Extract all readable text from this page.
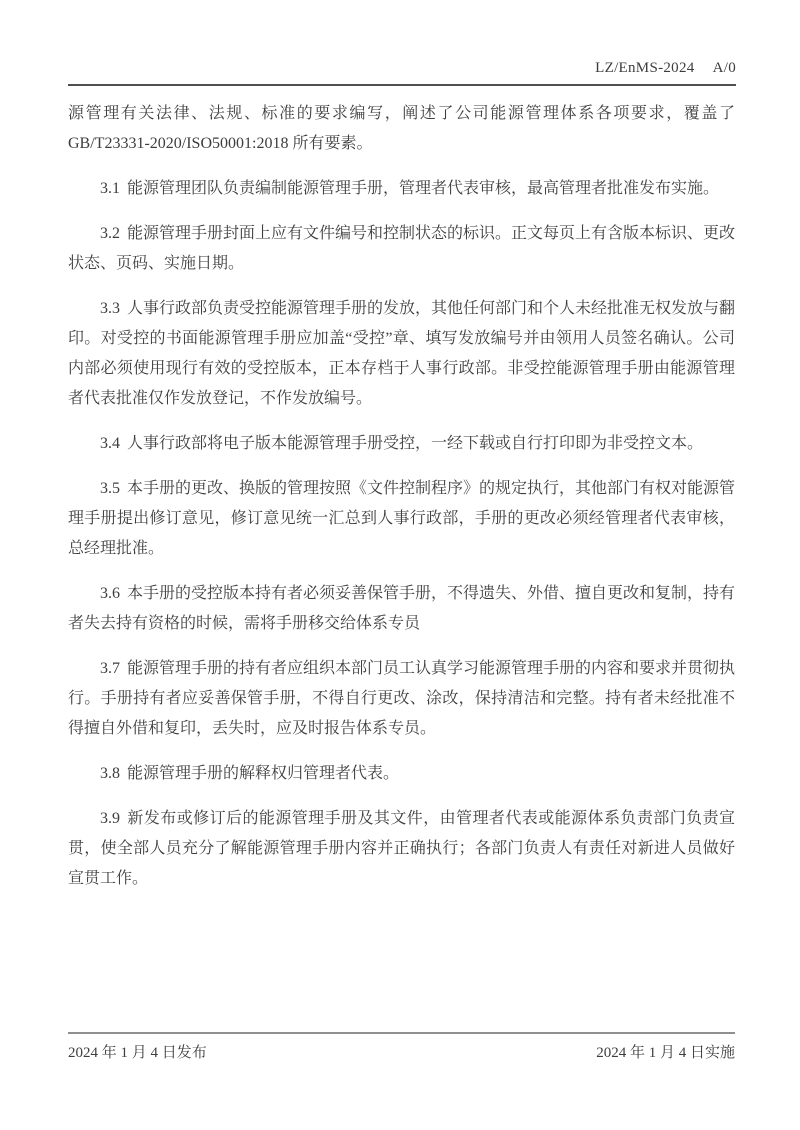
LZ/EnMS-2024 A/0

源管理有关法律、法规、标准的要求编写，阐述了公司能源管理体系各项要求，覆盖了 GB/T23331-2020/ISO50001:2018 所有要素。

3.1 能源管理团队负责编制能源管理手册，管理者代表审核，最高管理者批准发布实施。

3.2 能源管理手册封面上应有文件编号和控制状态的标识。正文每页上有含版本标识、更改状态、页码、实施日期。

3.3 人事行政部负责受控能源管理手册的发放，其他任何部门和个人未经批准无权发放与翻印。对受控的书面能源管理手册应加盖“受控”章、填写发放编号并由领用人员签名确认。公司内部必须使用现行有效的受控版本，正本存档于人事行政部。非受控能源管理手册由能源管理者代表批准仅作发放登记，不作发放编号。

3.4 人事行政部将电子版本能源管理手册受控，一经下载或自行打印即为非受控文本。

3.5 本手册的更改、换版的管理按照《文件控制程序》的规定执行，其他部门有权对能源管理手册提出修订意见，修订意见统一汇总到人事行政部，手册的更改必须经管理者代表审核，总经理批准。

3.6 本手册的受控版本持有者必须妥善保管手册，不得遗失、外借、擅自更改和复制，持有者失去持有资格的时候，需将手册移交给体系专员

3.7 能源管理手册的持有者应组织本部门员工认真学习能源管理手册的内容和要求并贯彻执行。手册持有者应妥善保管手册，不得自行更改、涂改，保持清洁和完整。持有者未经批准不得擅自外借和复印，丢失时，应及时报告体系专员。

3.8 能源管理手册的解释权归管理者代表。

3.9 新发布或修订后的能源管理手册及其文件，由管理者代表或能源体系负责部门负责宣贯，使全部人员充分了解能源管理手册内容并正确执行；各部门负责人有责任对新进人员做好宣贯工作。

2024 年 1 月 4 日发布	2024 年 1 月 4 日实施
